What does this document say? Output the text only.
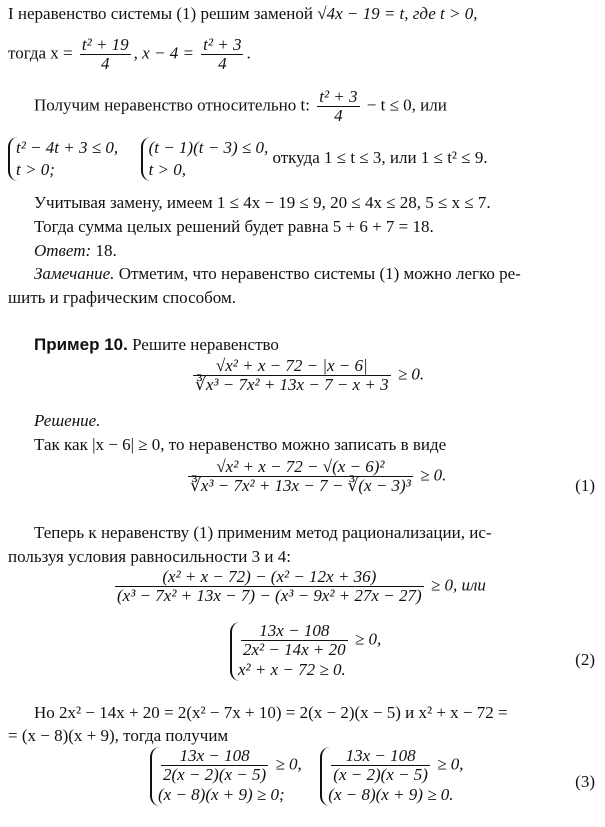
I неравенство системы (1) решим заменой √4x − 19 = t, где t > 0,
тогда $x = \frac{\text{t² + 19}}{4}$ , $x - 4 = \frac{\text{t² + 3}}{4}$ .
Получим неравенство относительно t: $\frac{\text{t² + 3}}{4} - t \le 0$, или
t² − 4t + 3 ≤ 0,
t > 0;

(t − 1)(t − 3) ≤ 0,
t > 0,
откуда 1 ≤ t ≤ 3, или 1 ≤ t² ≤ 9.
Учитывая замену, имеем 1 ≤ 4x − 19 ≤ 9, 20 ≤ 4x ≤ 28, 5 ≤ x ≤ 7.
Тогда сумма целых решений будет равна 5 + 6 + 7 = 18.
Ответ: 18.
Замечание. Отметим, что неравенство системы (1) можно легко ре-
шить и графическим способом.
Пример 10. Решите неравенство
$\frac{\text{√x² + x − 72 − |x − 6|}}{\text{∛x³ − 7x² + 13x − 7 − x + 3}} \ge 0$.
Решение.
Так как |x − 6| ≥ 0, то неравенство можно записать в виде
$\frac{\text{√x² + x − 72 − √(x − 6)²}}{\text{∛x³ − 7x² + 13x − 7 − ∛(x − 3)³}} \ge 0$.
(1)
Теперь к неравенству (1) применим метод рационализации, ис-
пользуя условия равносильности 3 и 4:
$\frac{\text{(x² + x − 72) − (x² − 12x + 36)}}{\text{(x³ − 7x² + 13x − 7) − (x³ − 9x² + 27x − 27)}} \ge 0$, или
$\frac{13x - 108}{\text{2x² − 14x + 20}} \ge 0$,
x² + x − 72 ≥ 0.
(2)
Но 2x² − 14x + 20 = 2(x² − 7x + 10) = 2(x − 2)(x − 5) и x² + x − 72 =
= (x − 8)(x + 9), тогда получим
$\frac{13x - 108}{2(x - 2)(x - 5)} \ge 0$,
(x − 8)(x + 9) ≥ 0;

$\frac{13x - 108}{(x - 2)(x - 5)} \ge 0$,
(x − 8)(x + 9) ≥ 0.
(3)
